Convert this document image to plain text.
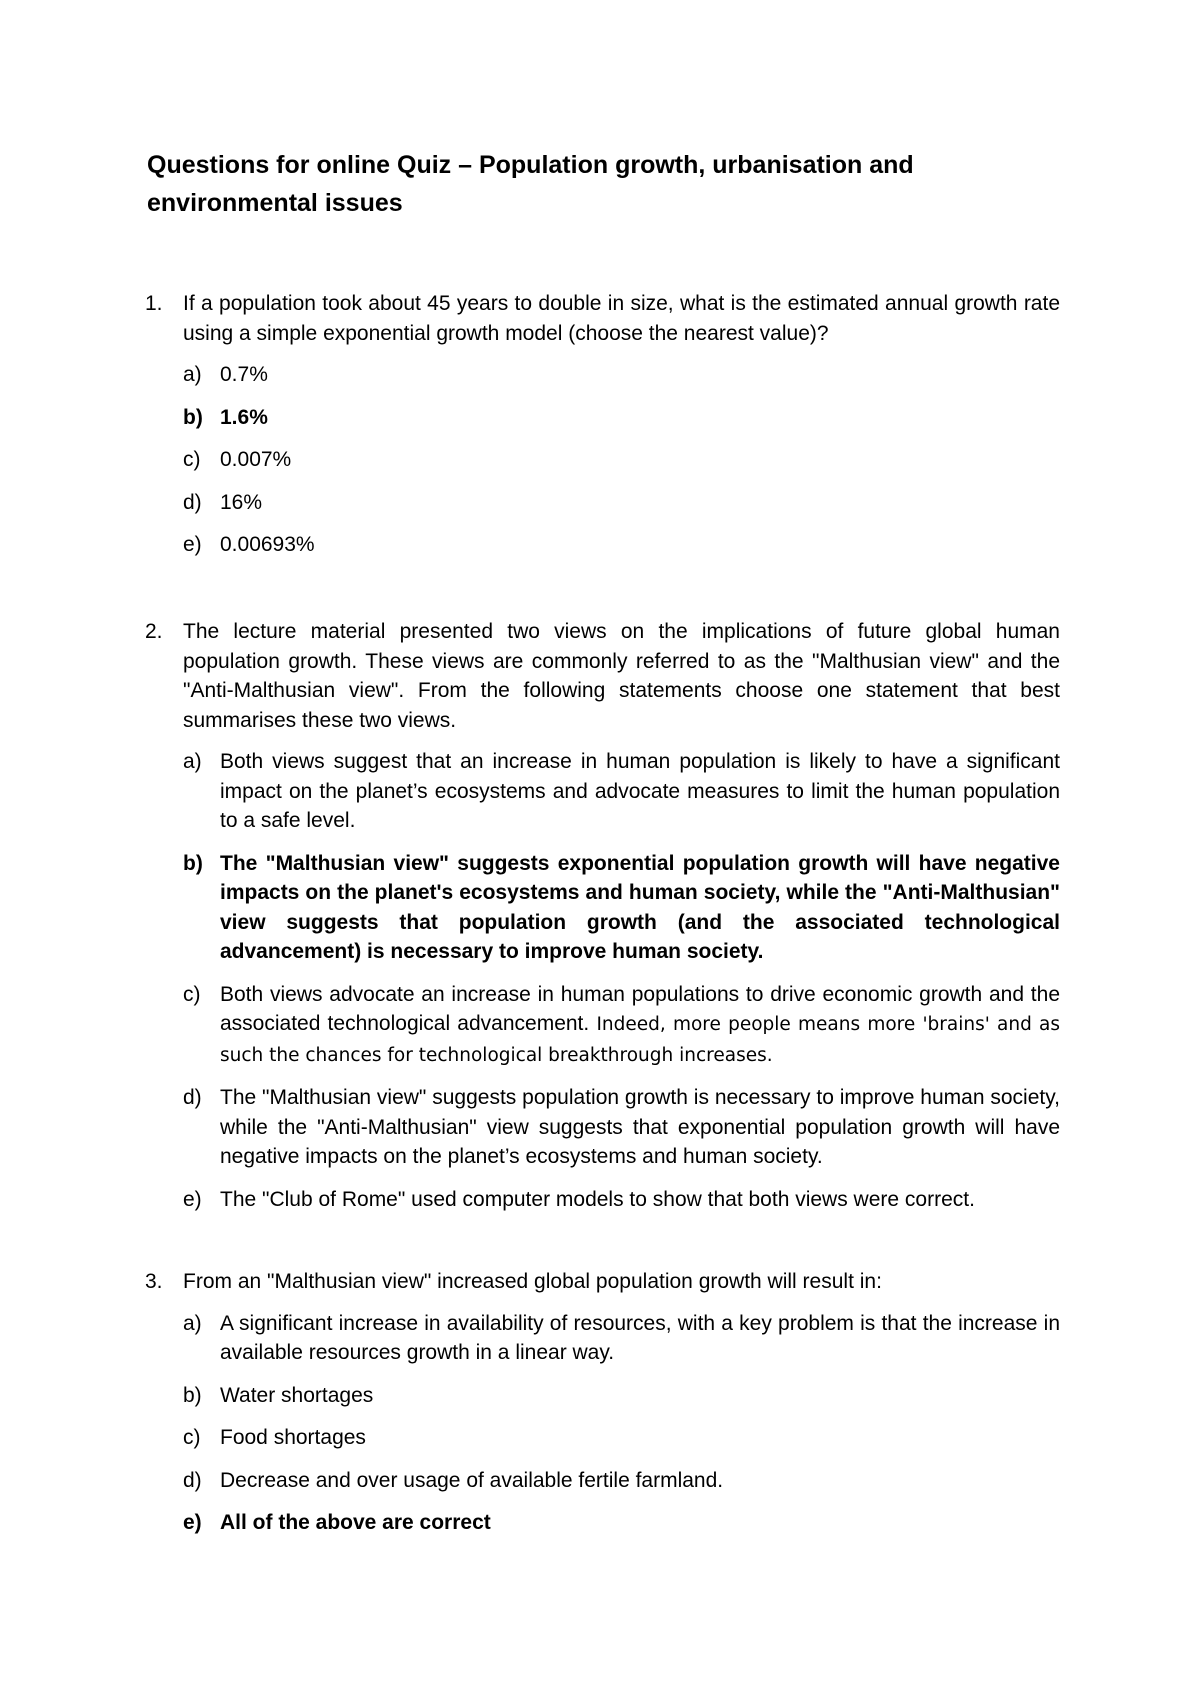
Questions for online Quiz – Population growth, urbanisation and environmental issues
1. If a population took about 45 years to double in size, what is the estimated annual growth rate using a simple exponential growth model (choose the nearest value)?
a) 0.7%
b) 1.6%
c) 0.007%
d) 16%
e) 0.00693%
2. The lecture material presented two views on the implications of future global human population growth. These views are commonly referred to as the "Malthusian view" and the "Anti-Malthusian view". From the following statements choose one statement that best summarises these two views.
a) Both views suggest that an increase in human population is likely to have a significant impact on the planet’s ecosystems and advocate measures to limit the human population to a safe level.
b) The "Malthusian view" suggests exponential population growth will have negative impacts on the planet's ecosystems and human society, while the "Anti-Malthusian" view suggests that population growth (and the associated technological advancement) is necessary to improve human society.
c) Both views advocate an increase in human populations to drive economic growth and the associated technological advancement. Indeed, more people means more 'brains' and as such the chances for technological breakthrough increases.
d) The "Malthusian view" suggests population growth is necessary to improve human society, while the "Anti-Malthusian" view suggests that exponential population growth will have negative impacts on the planet’s ecosystems and human society.
e) The "Club of Rome" used computer models to show that both views were correct.
3. From an "Malthusian view" increased global population growth will result in:
a) A significant increase in availability of resources, with a key problem is that the increase in available resources growth in a linear way.
b) Water shortages
c) Food shortages
d) Decrease and over usage of available fertile farmland.
e) All of the above are correct
